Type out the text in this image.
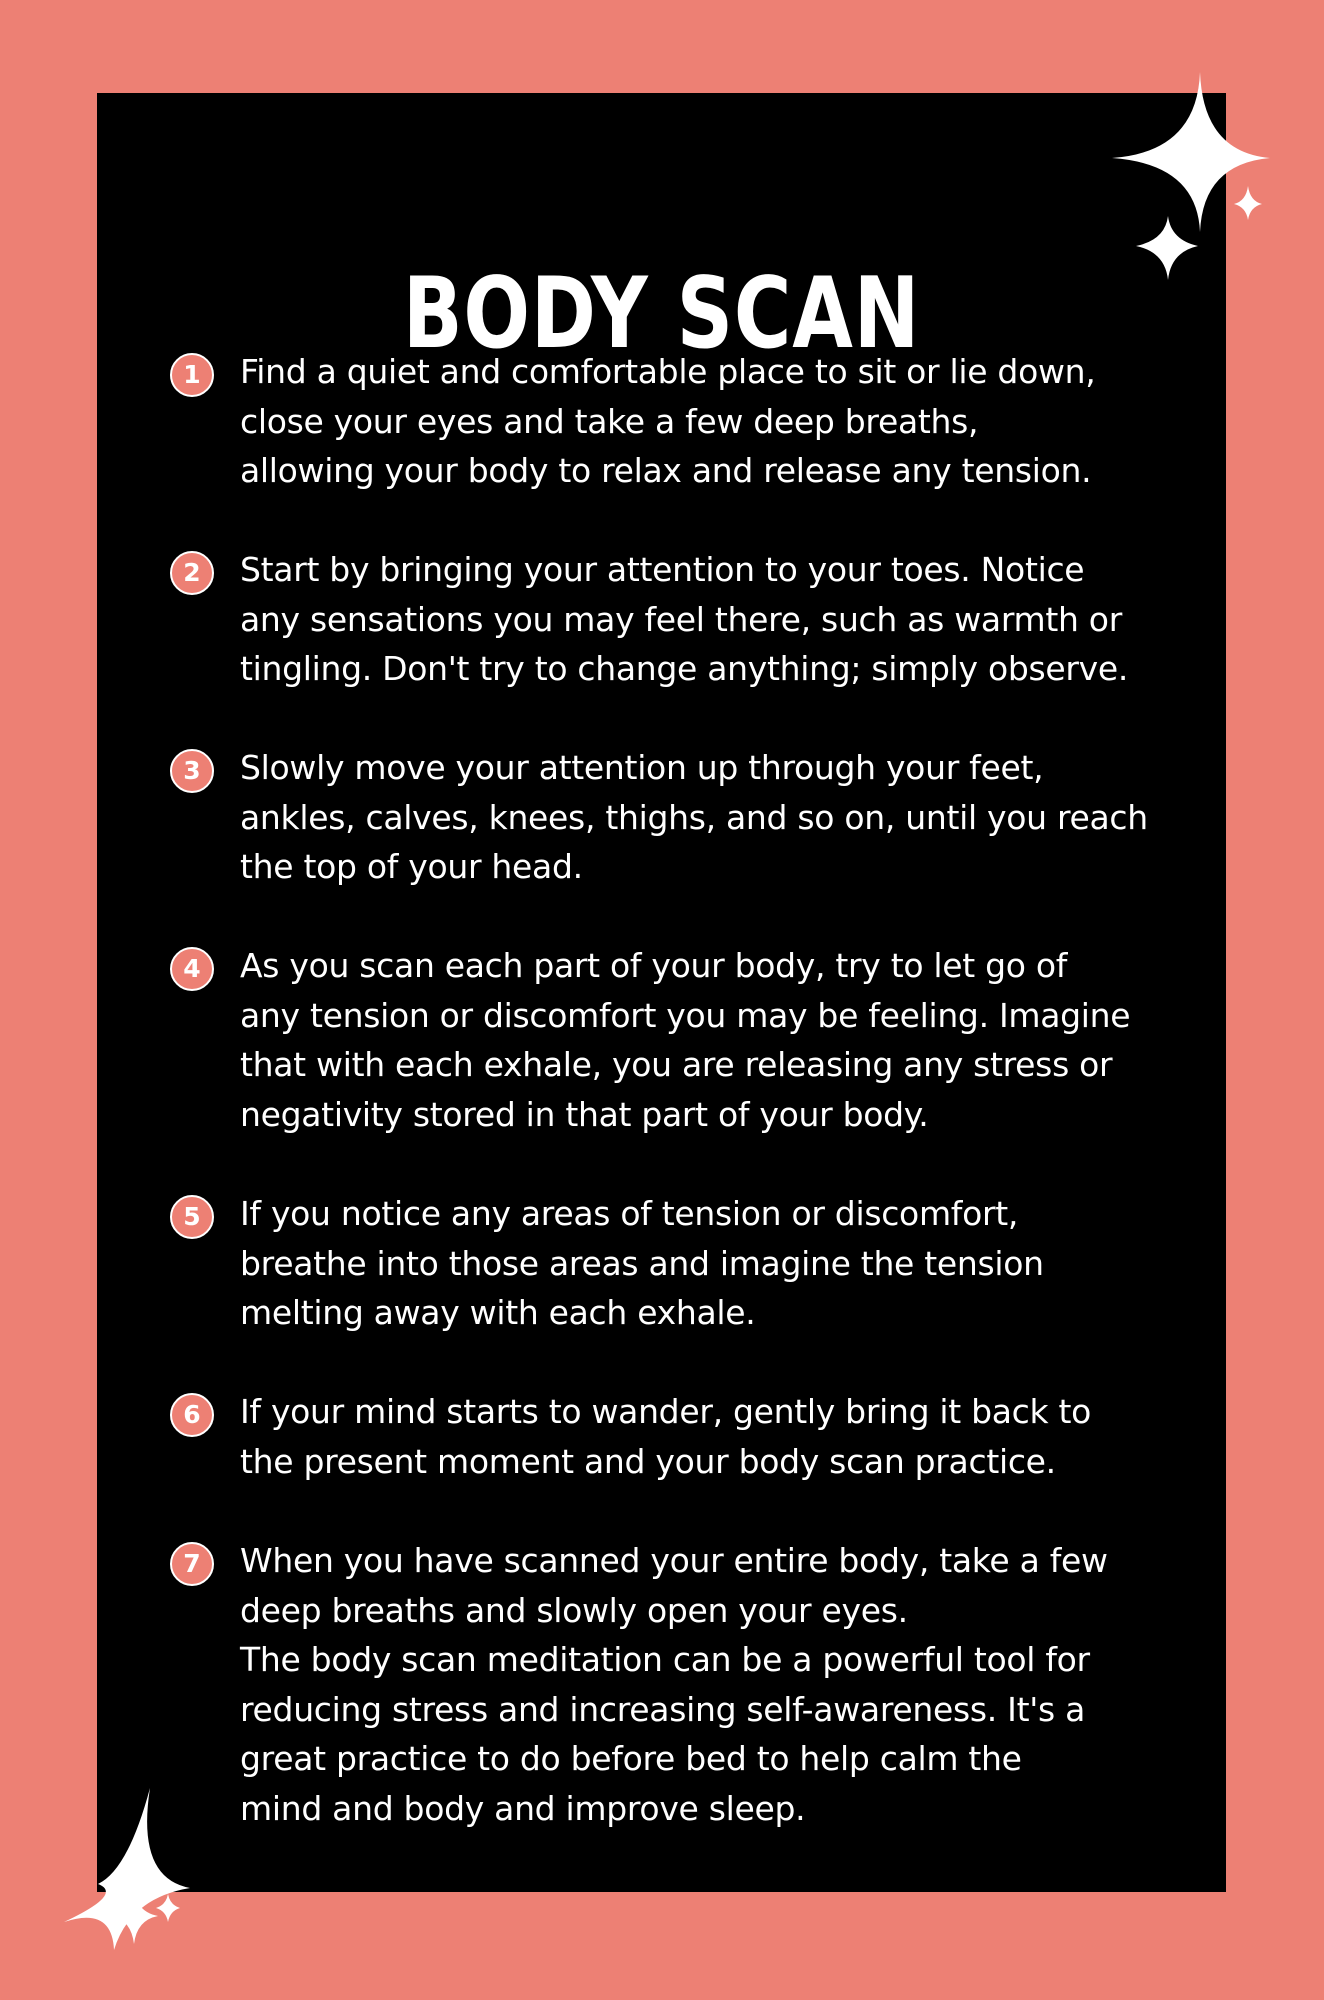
BODY SCAN
1	Find a quiet and comfortable place to sit or lie down,
close your eyes and take a few deep breaths,
allowing your body to relax and release any tension.

2	Start by bringing your attention to your toes. Notice
any sensations you may feel there, such as warmth or
tingling. Don't try to change anything; simply observe.

3	Slowly move your attention up through your feet,
ankles, calves, knees, thighs, and so on, until you reach
the top of your head.

4	As you scan each part of your body, try to let go of
any tension or discomfort you may be feeling. Imagine
that with each exhale, you are releasing any stress or
negativity stored in that part of your body.

5	If you notice any areas of tension or discomfort,
breathe into those areas and imagine the tension
melting away with each exhale.

6	If your mind starts to wander, gently bring it back to
the present moment and your body scan practice.

7	When you have scanned your entire body, take a few
deep breaths and slowly open your eyes.
The body scan meditation can be a powerful tool for
reducing stress and increasing self-awareness. It's a
great practice to do before bed to help calm the
mind and body and improve sleep.
